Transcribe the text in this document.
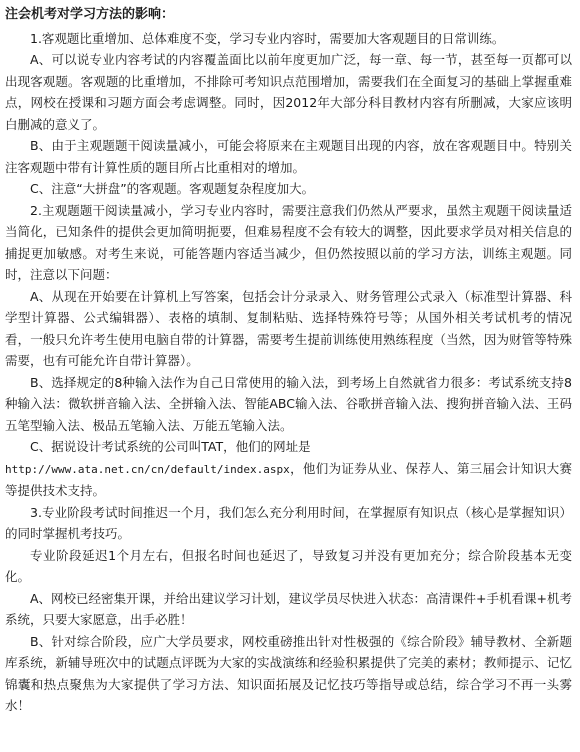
注会机考对学习方法的影响：

1.客观题比重增加、总体难度不变，学习专业内容时，需要加大客观题目的日常训练。

A、可以说专业内容考试的内容覆盖面比以前年度更加广泛，每一章、每一节，甚至每一页都可以出现客观题。客观题的比重增加，不排除可考知识点范围增加，需要我们在全面复习的基础上掌握重难点，网校在授课和习题方面会考虑调整。同时，因2012年大部分科目教材内容有所删减，大家应该明白删减的意义了。

B、由于主观题题干阅读量减小，可能会将原来在主观题目出现的内容，放在客观题目中。特别关注客观题中带有计算性质的题目所占比重相对的增加。

C、注意“大拼盘”的客观题。客观题复杂程度加大。

2.主观题题干阅读量减小，学习专业内容时，需要注意我们仍然从严要求，虽然主观题干阅读量适当简化，已知条件的提供会更加简明扼要，但难易程度不会有较大的调整，因此要求学员对相关信息的捕捉更加敏感。对考生来说，可能答题内容适当减少，但仍然按照以前的学习方法，训练主观题。同时，注意以下问题：

A、从现在开始要在计算机上写答案，包括会计分录录入、财务管理公式录入（标准型计算器、科学型计算器、公式编辑器）、表格的填制、复制粘贴、选择特殊符号等；从国外相关考试机考的情况看，一般只允许考生使用电脑自带的计算器，需要考生提前训练使用熟练程度（当然，因为财管等特殊需要，也有可能允许自带计算器）。

B、选择规定的8种输入法作为自己日常使用的输入法，到考场上自然就省力很多：考试系统支持8种输入法：微软拼音输入法、全拼输入法、智能ABC输入法、谷歌拼音输入法、搜狗拼音输入法、王码五笔型输入法、极品五笔输入法、万能五笔输入法。

C、据说设计考试系统的公司叫TAT，他们的网址是

http://www.ata.net.cn/cn/default/index.aspx，他们为证券从业、保荐人、第三届会计知识大赛等提供技术支持。

3.专业阶段考试时间推迟一个月，我们怎么充分利用时间，在掌握原有知识点（核心是掌握知识）的同时掌握机考技巧。

专业阶段延迟1个月左右，但报名时间也延迟了，导致复习并没有更加充分；综合阶段基本无变化。

A、网校已经密集开课，并给出建议学习计划，建议学员尽快进入状态：高清课件+手机看课+机考系统，只要大家愿意，出手必胜！

B、针对综合阶段，应广大学员要求，网校重磅推出针对性极强的《综合阶段》辅导教材、全新题库系统，新辅导班次中的试题点评既为大家的实战演练和经验积累提供了完美的素材；教师提示、记忆锦囊和热点聚焦为大家提供了学习方法、知识面拓展及记忆技巧等指导或总结，综合学习不再一头雾水！
